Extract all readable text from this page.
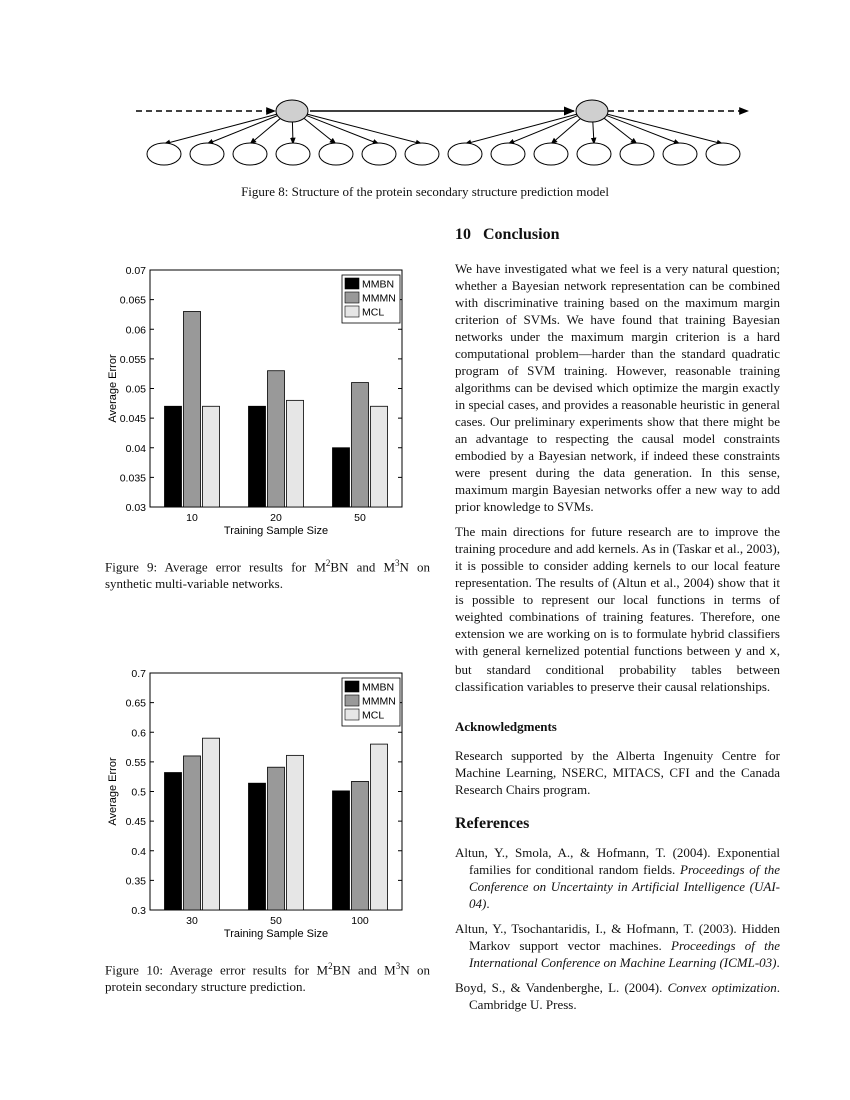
Figure 8: Structure of the protein secondary structure prediction model
0.03
0.035
0.04
0.045
0.05
0.055
0.06
0.065
0.07
10	20	50
Training Sample Size
Average Error
MMBN
MMMN
MCL
Figure 9: Average error results for $M^2BN$ and $M^3N$ on synthetic multi-variable networks.
0.3
0.35
0.4
0.45
0.5
0.55
0.6
0.65
0.7
30	50	100
Training Sample Size
Average Error
MMBN
MMMN
MCL
Figure 10: Average error results for $M^2BN$ and $M^3N$ on protein secondary structure prediction.
10 Conclusion

We have investigated what we feel is a very natural question; whether a Bayesian network representation can be combined with discriminative training based on the maximum margin criterion of SVMs. We have found that training Bayesian networks under the maximum margin criterion is a hard computational problem—harder than the standard quadratic program of SVM training. However, reasonable training algorithms can be devised which optimize the margin exactly in special cases, and provides a reasonable heuristic in general cases. Our preliminary experiments show that there might be an advantage to respecting the causal model constraints embodied by a Bayesian network, if indeed these constraints were present during the data generation. In this sense, maximum margin Bayesian networks offer a new way to add prior knowledge to SVMs.

The main directions for future research are to improve the training procedure and add kernels. As in (Taskar et al., 2003), it is possible to consider adding kernels to our local feature representation. The results of (Altun et al., 2004) show that it is possible to represent our local functions in terms of weighted combinations of training features. Therefore, one extension we are working on is to formulate hybrid classifiers with general kernelized potential functions between y and x, but standard conditional probability tables between classification variables to preserve their causal relationships.

Acknowledgments

Research supported by the Alberta Ingenuity Centre for Machine Learning, NSERC, MITACS, CFI and the Canada Research Chairs program.

References

Altun, Y., Smola, A., & Hofmann, T. (2004). Exponential families for conditional random fields. Proceedings of the Conference on Uncertainty in Artificial Intelligence (UAI-04).

Altun, Y., Tsochantaridis, I., & Hofmann, T. (2003). Hidden Markov support vector machines. Proceedings of the International Conference on Machine Learning (ICML-03).

Boyd, S., & Vandenberghe, L. (2004). Convex optimization. Cambridge U. Press.
